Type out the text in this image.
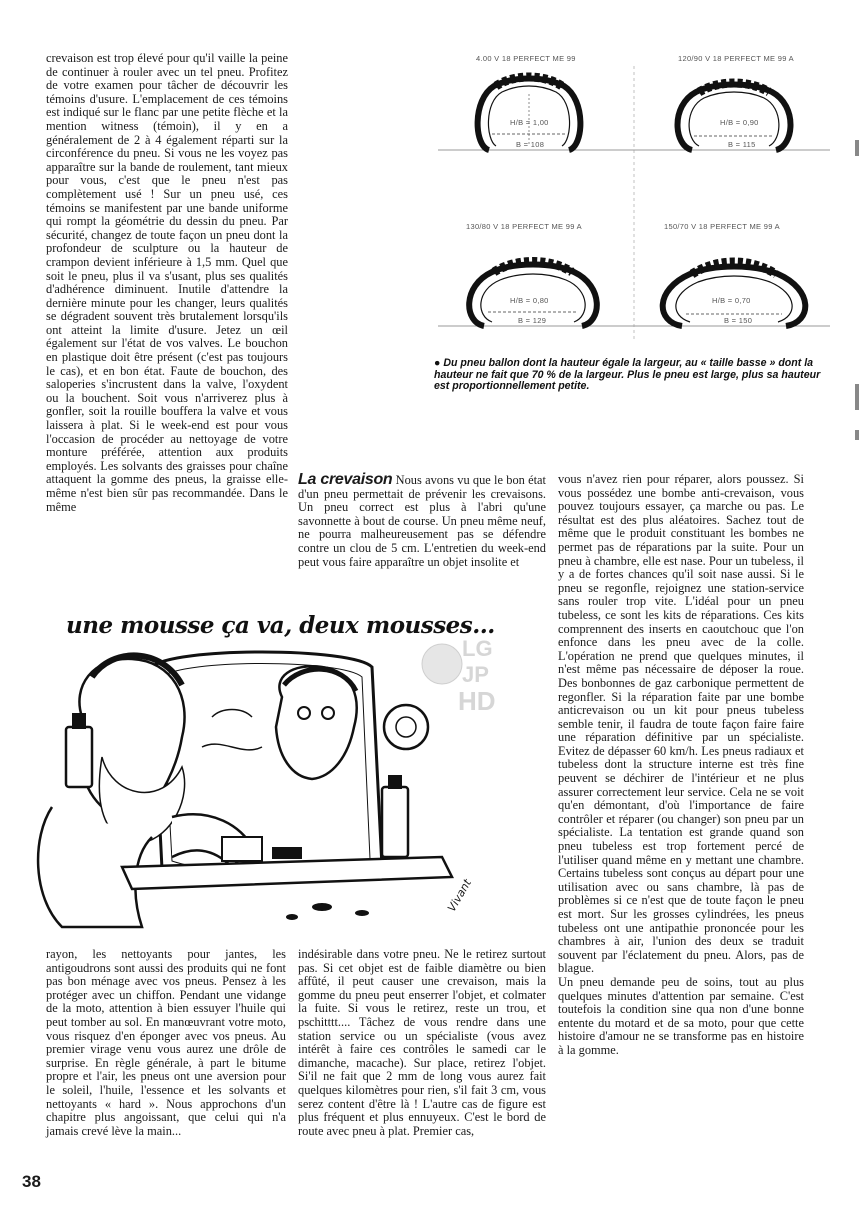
crevaison est trop élevé pour qu'il vaille la peine de continuer à rouler avec un tel pneu. Profitez de votre examen pour tâcher de découvrir les témoins d'usure. L'emplacement de ces témoins est indiqué sur le flanc par une petite flèche et la mention witness (témoin), il y en a généralement de 2 à 4 également réparti sur la circonférence du pneu. Si vous ne les voyez pas apparaître sur la bande de roulement, tant mieux pour vous, c'est que le pneu n'est pas complètement usé ! Sur un pneu usé, ces témoins se manifestent par une bande uniforme qui rompt la géométrie du dessin du pneu. Par sécurité, changez de toute façon un pneu dont la profondeur de sculpture ou la hauteur de crampon devient inférieure à 1,5 mm. Quel que soit le pneu, plus il va s'usant, plus ses qualités d'adhérence diminuent. Inutile d'attendre la dernière minute pour les changer, leurs qualités se dégradent souvent très brutalement lorsqu'ils ont atteint la limite d'usure. Jetez un œil également sur l'état de vos valves. Le bouchon en plastique doit être présent (c'est pas toujours le cas), et en bon état. Faute de bouchon, des saloperies s'incrustent dans la valve, l'oxydent ou la bouchent. Soit vous n'arriverez plus à gonfler, soit la rouille bouffera la valve et vous laissera à plat. Si le week-end est pour vous l'occasion de procéder au nettoyage de votre monture préférée, attention aux produits employés. Les solvants des graisses pour chaîne attaquent la gomme des pneus, la graisse elle-même n'est bien sûr pas recommandée. Dans le même

4.00 V 18 PERFECT ME 99	120/90 V 18 PERFECT ME 99 A
130/80 V 18 PERFECT ME 99 A	150/70 V 18 PERFECT ME 99 A
H/B = 1,00
B = 108
H/B = 0,90
B = 115
H/B = 0,80
B = 129
H/B = 0,70
B = 150
● Du pneu ballon dont la hauteur égale la largeur, au « taille basse » dont la hauteur ne fait que 70 % de la largeur. Plus le pneu est large, plus sa hauteur est proportionnellement petite.

La crevaison Nous avons vu que le bon état d'un pneu permettait de prévenir les crevaisons. Un pneu correct est plus à l'abri qu'une savonnette à bout de course. Un pneu même neuf, ne pourra malheureusement pas se défendre contre un clou de 5 cm. L'entretien du week-end peut vous faire apparaître un objet insolite et

vous n'avez rien pour réparer, alors poussez. Si vous possédez une bombe anti-crevaison, vous pouvez toujours essayer, ça marche ou pas. Le résultat est des plus aléatoires. Sachez tout de même que le produit constituant les bombes ne permet pas de réparations par la suite. Pour un pneu à chambre, elle est nase. Pour un tubeless, il y a de fortes chances qu'il soit nase aussi. Si le pneu se regonfle, rejoignez une station-service sans rouler trop vite. L'idéal pour un pneu tubeless, ce sont les kits de réparations. Ces kits comprennent des inserts en caoutchouc que l'on enfonce dans les pneu avec de la colle. L'opération ne prend que quelques minutes, il n'est même pas nécessaire de déposer la roue. Des bonbonnes de gaz carbonique permettent de regonfler. Si la réparation faite par une bombe anticrevaison ou un kit pour pneus tubeless semble tenir, il faudra de toute façon faire faire une réparation définitive par un spécialiste. Evitez de dépasser 60 km/h. Les pneus radiaux et tubeless dont la structure interne est très fine peuvent se déchirer de l'intérieur et ne plus assurer correctement leur service. Cela ne se voit qu'en démontant, d'où l'importance de faire contrôler et réparer (ou changer) son pneu par un spécialiste. La tentation est grande quand son pneu tubeless est trop fortement percé de l'utiliser quand même en y mettant une chambre. Certains tubeless sont conçus au départ pour une utilisation avec ou sans chambre, là pas de problèmes si ce n'est que de toute façon le pneu est mort. Sur les grosses cylindrées, les pneus tubeless ont une antipathie prononcée pour les chambres à air, l'union des deux se traduit souvent par l'éclatement du pneu. Alors, pas de blague.

Un pneu demande peu de soins, tout au plus quelques minutes d'attention par semaine. C'est toutefois la condition sine qua non d'une bonne entente du motard et de sa moto, pour que cette histoire d'amour ne se transforme pas en histoire à la gomme.

une mousse ça va, deux mousses...
Vivant
LG
JP
HD

rayon, les nettoyants pour jantes, les antigoudrons sont aussi des produits qui ne font pas bon ménage avec vos pneus. Pensez à les protéger avec un chiffon. Pendant une vidange de la moto, attention à bien essuyer l'huile qui peut tomber au sol. En manœuvrant votre moto, vous risquez d'en éponger avec vos pneus. Au premier virage venu vous aurez une drôle de surprise. En règle générale, à part le bitume propre et l'air, les pneus ont une aversion pour le soleil, l'huile, l'essence et les solvants et nettoyants « hard ». Nous approchons d'un chapitre plus angoissant, que celui qui n'a jamais crevé lève la main...

indésirable dans votre pneu. Ne le retirez surtout pas. Si cet objet est de faible diamètre ou bien affûté, il peut causer une crevaison, mais la gomme du pneu peut enserrer l'objet, et colmater la fuite. Si vous le retirez, reste un trou, et pschitttt.... Tâchez de vous rendre dans une station service ou un spécialiste (vous avez intérêt à faire ces contrôles le samedi car le dimanche, macache). Sur place, retirez l'objet. Si'il ne fait que 2 mm de long vous aurez fait quelques kilomètres pour rien, s'il fait 3 cm, vous serez content d'être là ! L'autre cas de figure est plus fréquent et plus ennuyeux. C'est le bord de route avec pneu à plat. Premier cas,

38
